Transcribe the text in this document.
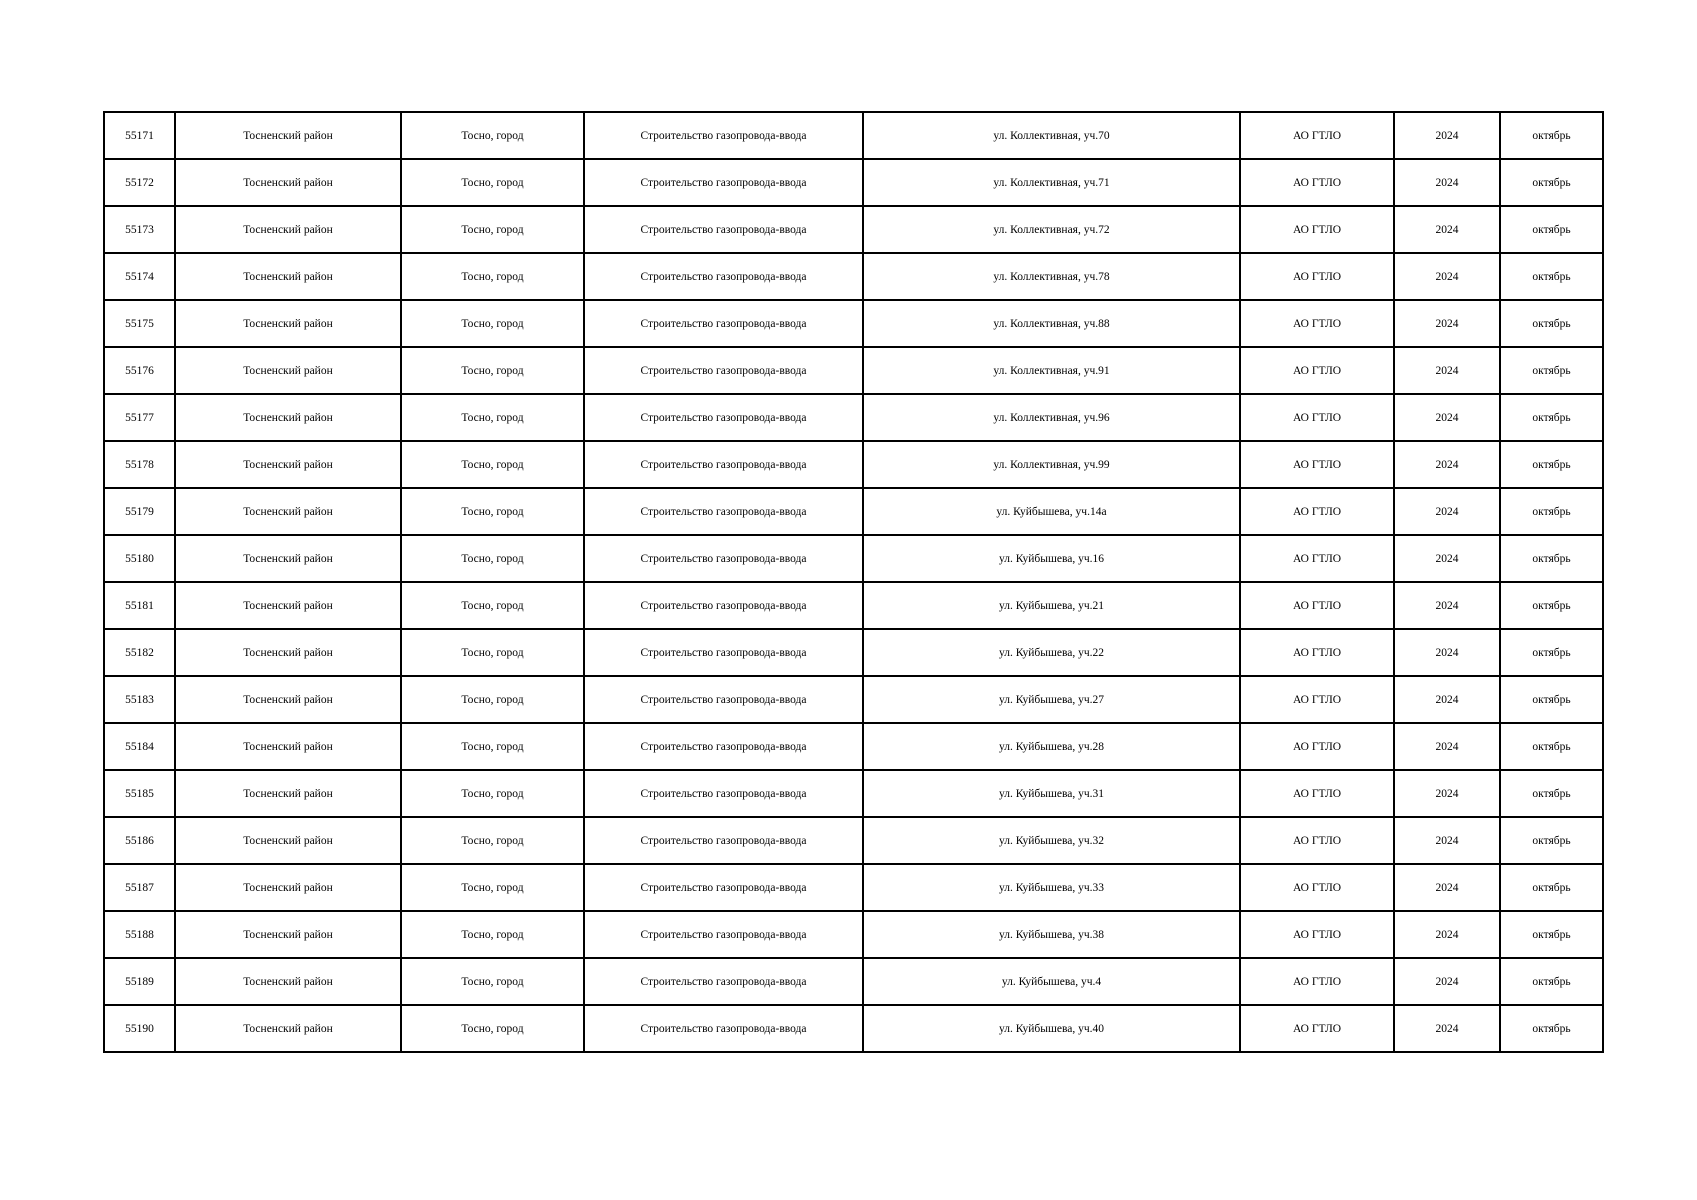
55171	Тосненский район	Тосно, город	Строительство газопровода-ввода	ул. Коллективная, уч.70	АО ГТЛО	2024	октябрь
55172	Тосненский район	Тосно, город	Строительство газопровода-ввода	ул. Коллективная, уч.71	АО ГТЛО	2024	октябрь
55173	Тосненский район	Тосно, город	Строительство газопровода-ввода	ул. Коллективная, уч.72	АО ГТЛО	2024	октябрь
55174	Тосненский район	Тосно, город	Строительство газопровода-ввода	ул. Коллективная, уч.78	АО ГТЛО	2024	октябрь
55175	Тосненский район	Тосно, город	Строительство газопровода-ввода	ул. Коллективная, уч.88	АО ГТЛО	2024	октябрь
55176	Тосненский район	Тосно, город	Строительство газопровода-ввода	ул. Коллективная, уч.91	АО ГТЛО	2024	октябрь
55177	Тосненский район	Тосно, город	Строительство газопровода-ввода	ул. Коллективная, уч.96	АО ГТЛО	2024	октябрь
55178	Тосненский район	Тосно, город	Строительство газопровода-ввода	ул. Коллективная, уч.99	АО ГТЛО	2024	октябрь
55179	Тосненский район	Тосно, город	Строительство газопровода-ввода	ул. Куйбышева, уч.14а	АО ГТЛО	2024	октябрь
55180	Тосненский район	Тосно, город	Строительство газопровода-ввода	ул. Куйбышева, уч.16	АО ГТЛО	2024	октябрь
55181	Тосненский район	Тосно, город	Строительство газопровода-ввода	ул. Куйбышева, уч.21	АО ГТЛО	2024	октябрь
55182	Тосненский район	Тосно, город	Строительство газопровода-ввода	ул. Куйбышева, уч.22	АО ГТЛО	2024	октябрь
55183	Тосненский район	Тосно, город	Строительство газопровода-ввода	ул. Куйбышева, уч.27	АО ГТЛО	2024	октябрь
55184	Тосненский район	Тосно, город	Строительство газопровода-ввода	ул. Куйбышева, уч.28	АО ГТЛО	2024	октябрь
55185	Тосненский район	Тосно, город	Строительство газопровода-ввода	ул. Куйбышева, уч.31	АО ГТЛО	2024	октябрь
55186	Тосненский район	Тосно, город	Строительство газопровода-ввода	ул. Куйбышева, уч.32	АО ГТЛО	2024	октябрь
55187	Тосненский район	Тосно, город	Строительство газопровода-ввода	ул. Куйбышева, уч.33	АО ГТЛО	2024	октябрь
55188	Тосненский район	Тосно, город	Строительство газопровода-ввода	ул. Куйбышева, уч.38	АО ГТЛО	2024	октябрь
55189	Тосненский район	Тосно, город	Строительство газопровода-ввода	ул. Куйбышева, уч.4	АО ГТЛО	2024	октябрь
55190	Тосненский район	Тосно, город	Строительство газопровода-ввода	ул. Куйбышева, уч.40	АО ГТЛО	2024	октябрь
